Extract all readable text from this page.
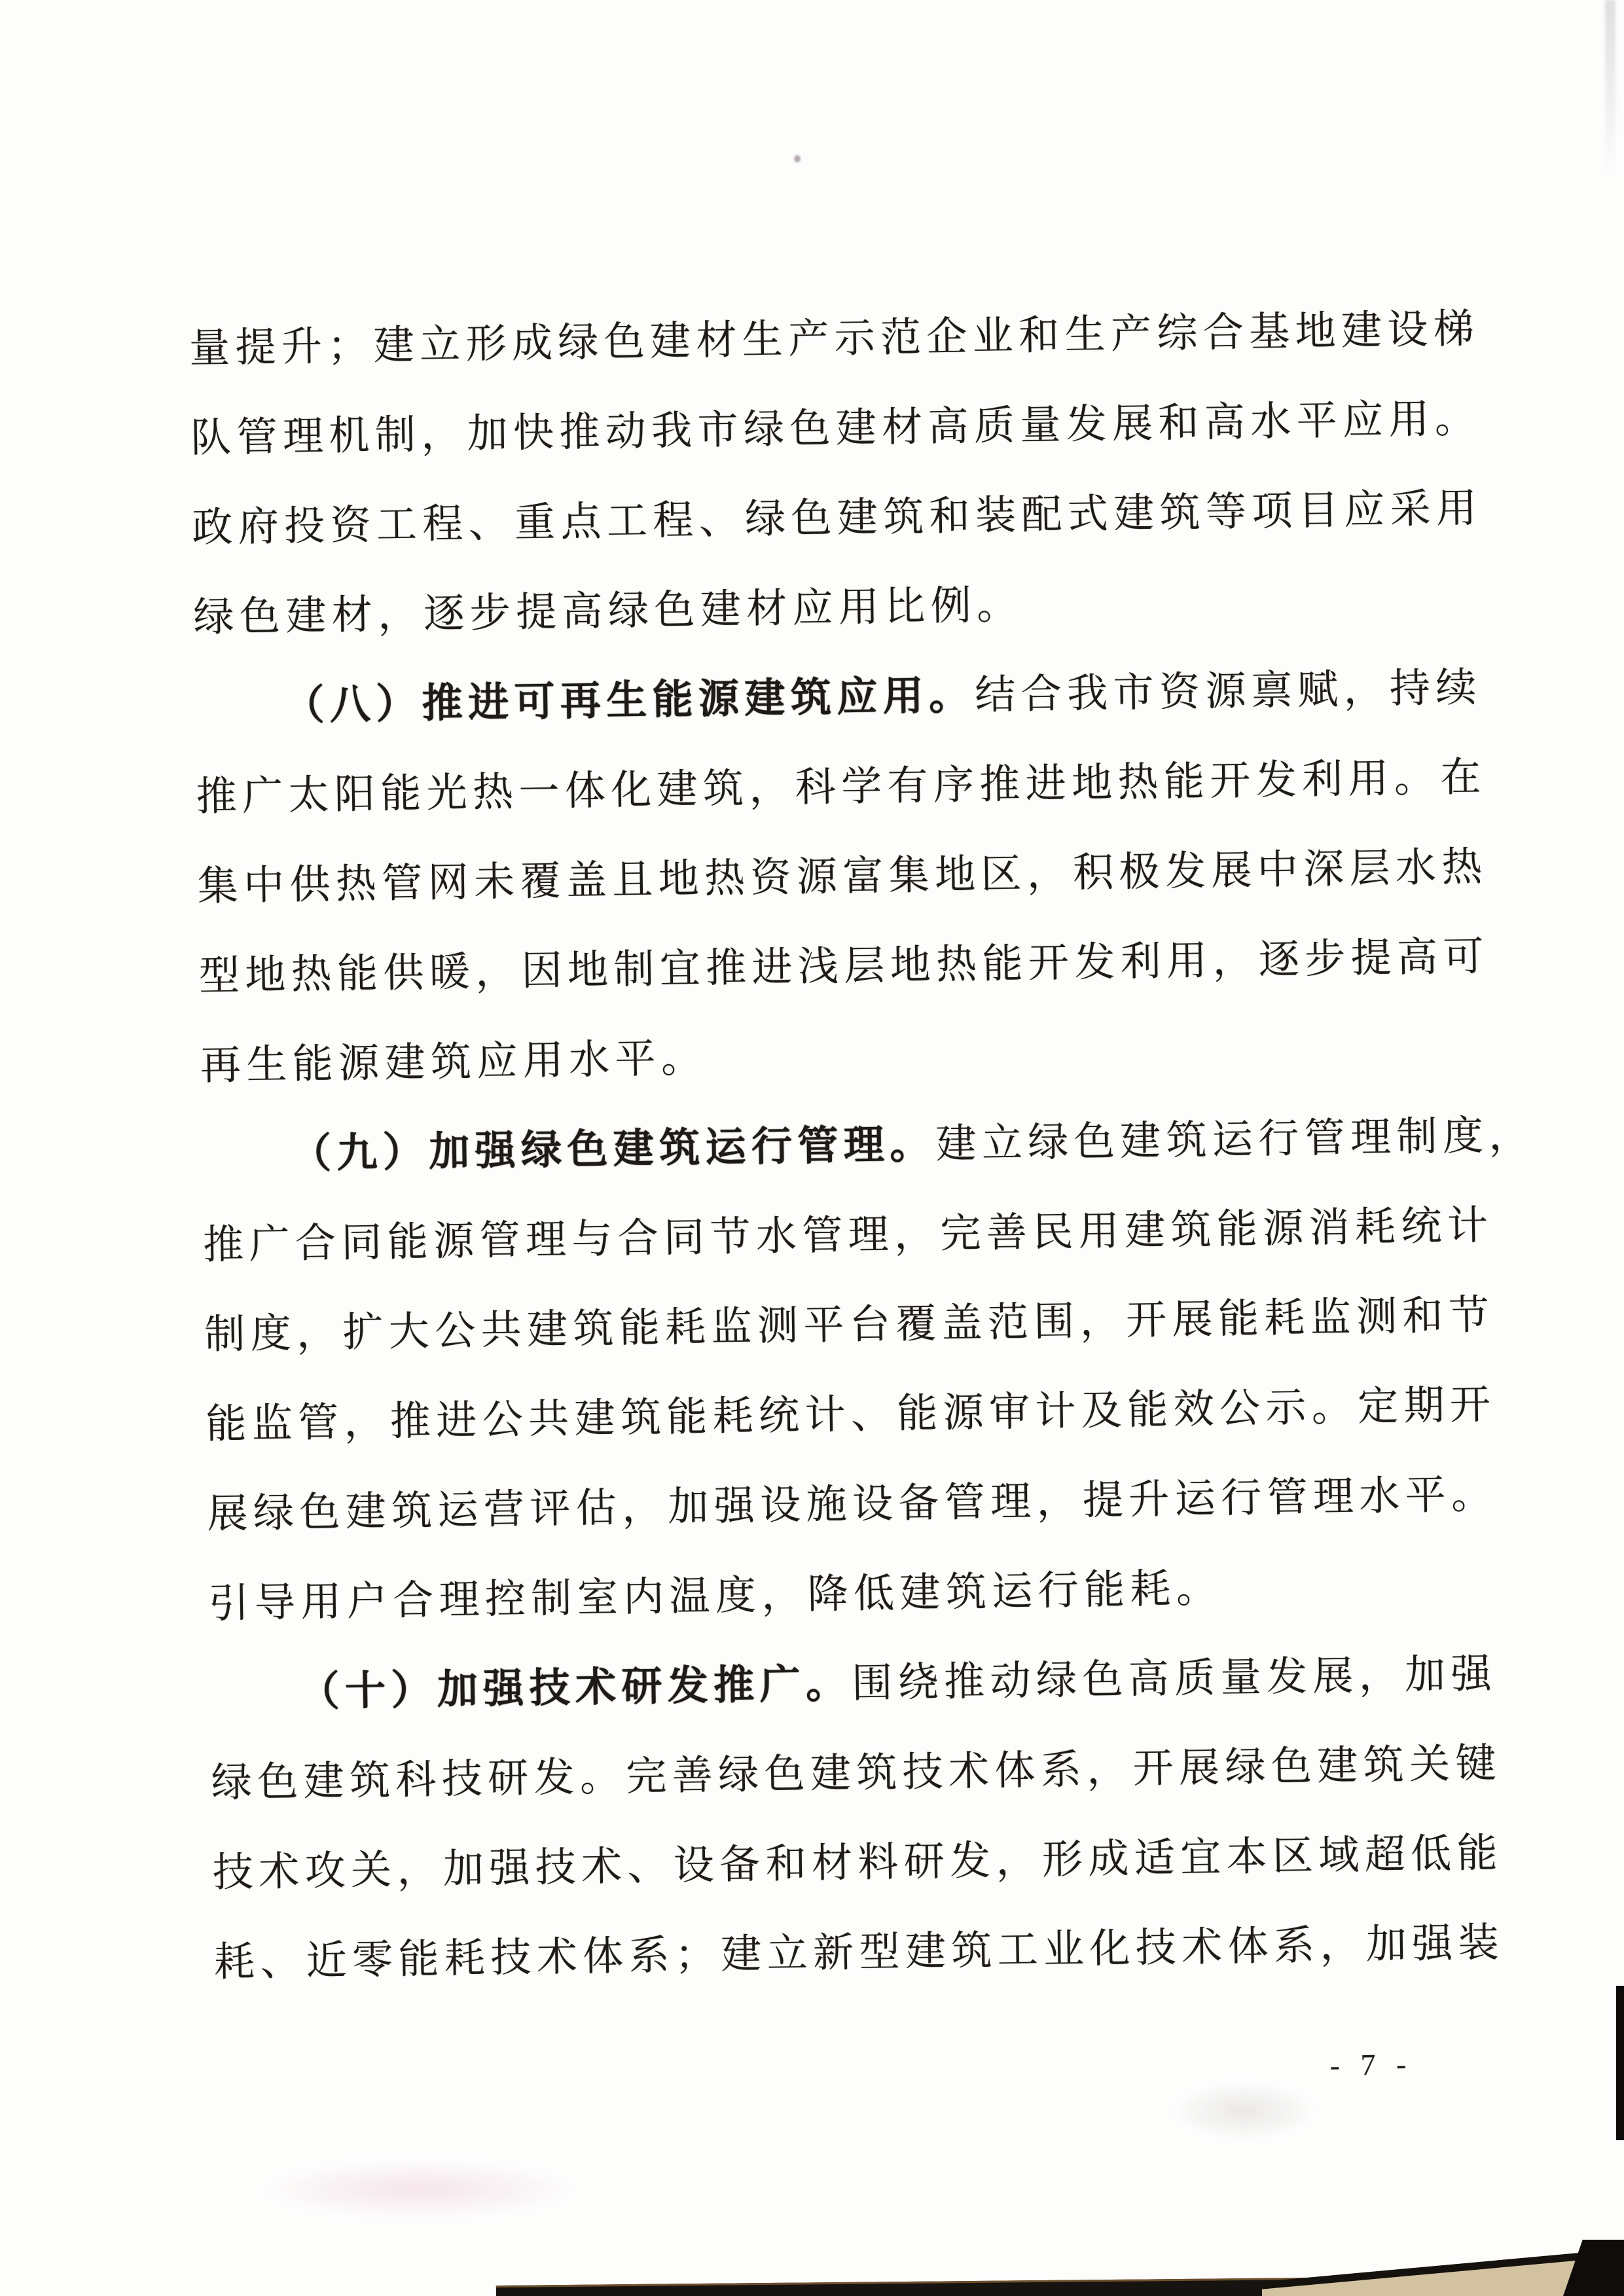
量提升；建立形成绿色建材生产示范企业和生产综合基地建设梯
队管理机制，加快推动我市绿色建材高质量发展和高水平应用。
政府投资工程、重点工程、绿色建筑和装配式建筑等项目应采用
绿色建材，逐步提高绿色建材应用比例。
（八）推进可再生能源建筑应用。结合我市资源禀赋，持续
推广太阳能光热一体化建筑，科学有序推进地热能开发利用。在
集中供热管网未覆盖且地热资源富集地区，积极发展中深层水热
型地热能供暖，因地制宜推进浅层地热能开发利用，逐步提高可
再生能源建筑应用水平。
（九）加强绿色建筑运行管理。建立绿色建筑运行管理制度，
推广合同能源管理与合同节水管理，完善民用建筑能源消耗统计
制度，扩大公共建筑能耗监测平台覆盖范围，开展能耗监测和节
能监管，推进公共建筑能耗统计、能源审计及能效公示。定期开
展绿色建筑运营评估，加强设施设备管理，提升运行管理水平。
引导用户合理控制室内温度，降低建筑运行能耗。
（十）加强技术研发推广。围绕推动绿色高质量发展，加强
绿色建筑科技研发。完善绿色建筑技术体系，开展绿色建筑关键
技术攻关，加强技术、设备和材料研发，形成适宜本区域超低能
耗、近零能耗技术体系；建立新型建筑工业化技术体系，加强装
- 7 -
